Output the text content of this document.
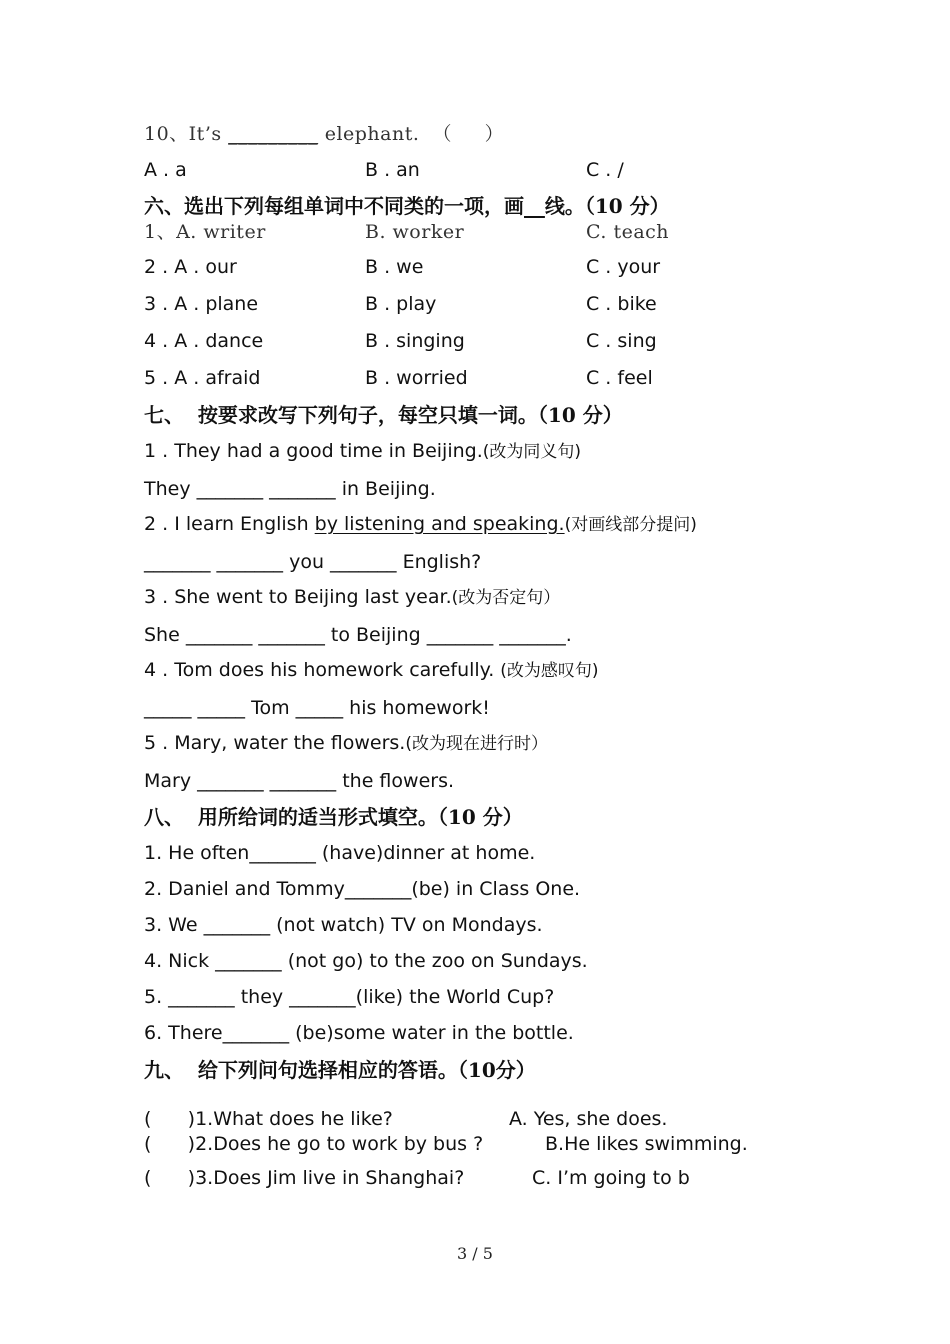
10、It’s _________ elephant.  （     ）
A . a	B . an	C . /
六、选出下列每组单词中不同类的一项，画 线。（10 分）
1、A. writer	B. worker	C. teach
2 . A . our	B . we	C . your
3 . A . plane	B . play	C . bike
4 . A . dance	B . singing	C . sing
5 . A . afraid	B . worried	C . feel
七、  按要求改写下列句子，每空只填一词。（10 分）
1 . They had a good time in Beijing.(改为同义句)
They _______ _______ in Beijing.
2 . I learn English by listening and speaking.(对画线部分提问)
_______ _______ you _______ English?
3 . She went to Beijing last year.(改为否定句）
She _______ _______ to Beijing _______ _______.
4 . Tom does his homework carefully. (改为感叹句)
_____ _____ Tom _____ his homework!
5 . Mary, water the flowers.(改为现在进行时）
Mary _______ _______ the flowers.
八、  用所给词的适当形式填空。（10 分）
1. He often_______ (have)dinner at home.
2. Daniel and Tommy_______(be) in Class One.
3. We _______ (not watch) TV on Mondays.
4. Nick _______ (not go) to the zoo on Sundays.
5. _______ they _______(like) the World Cup?
6. There_______ (be)some water in the bottle.
九、  给下列问句选择相应的答语。（10分）
(      )1.What does he like?	A. Yes, she does.
(      )2.Does he go to work by bus ?	B.He likes swimming.
(      )3.Does Jim live in Shanghai?	C. I’m going to b
3 / 5
